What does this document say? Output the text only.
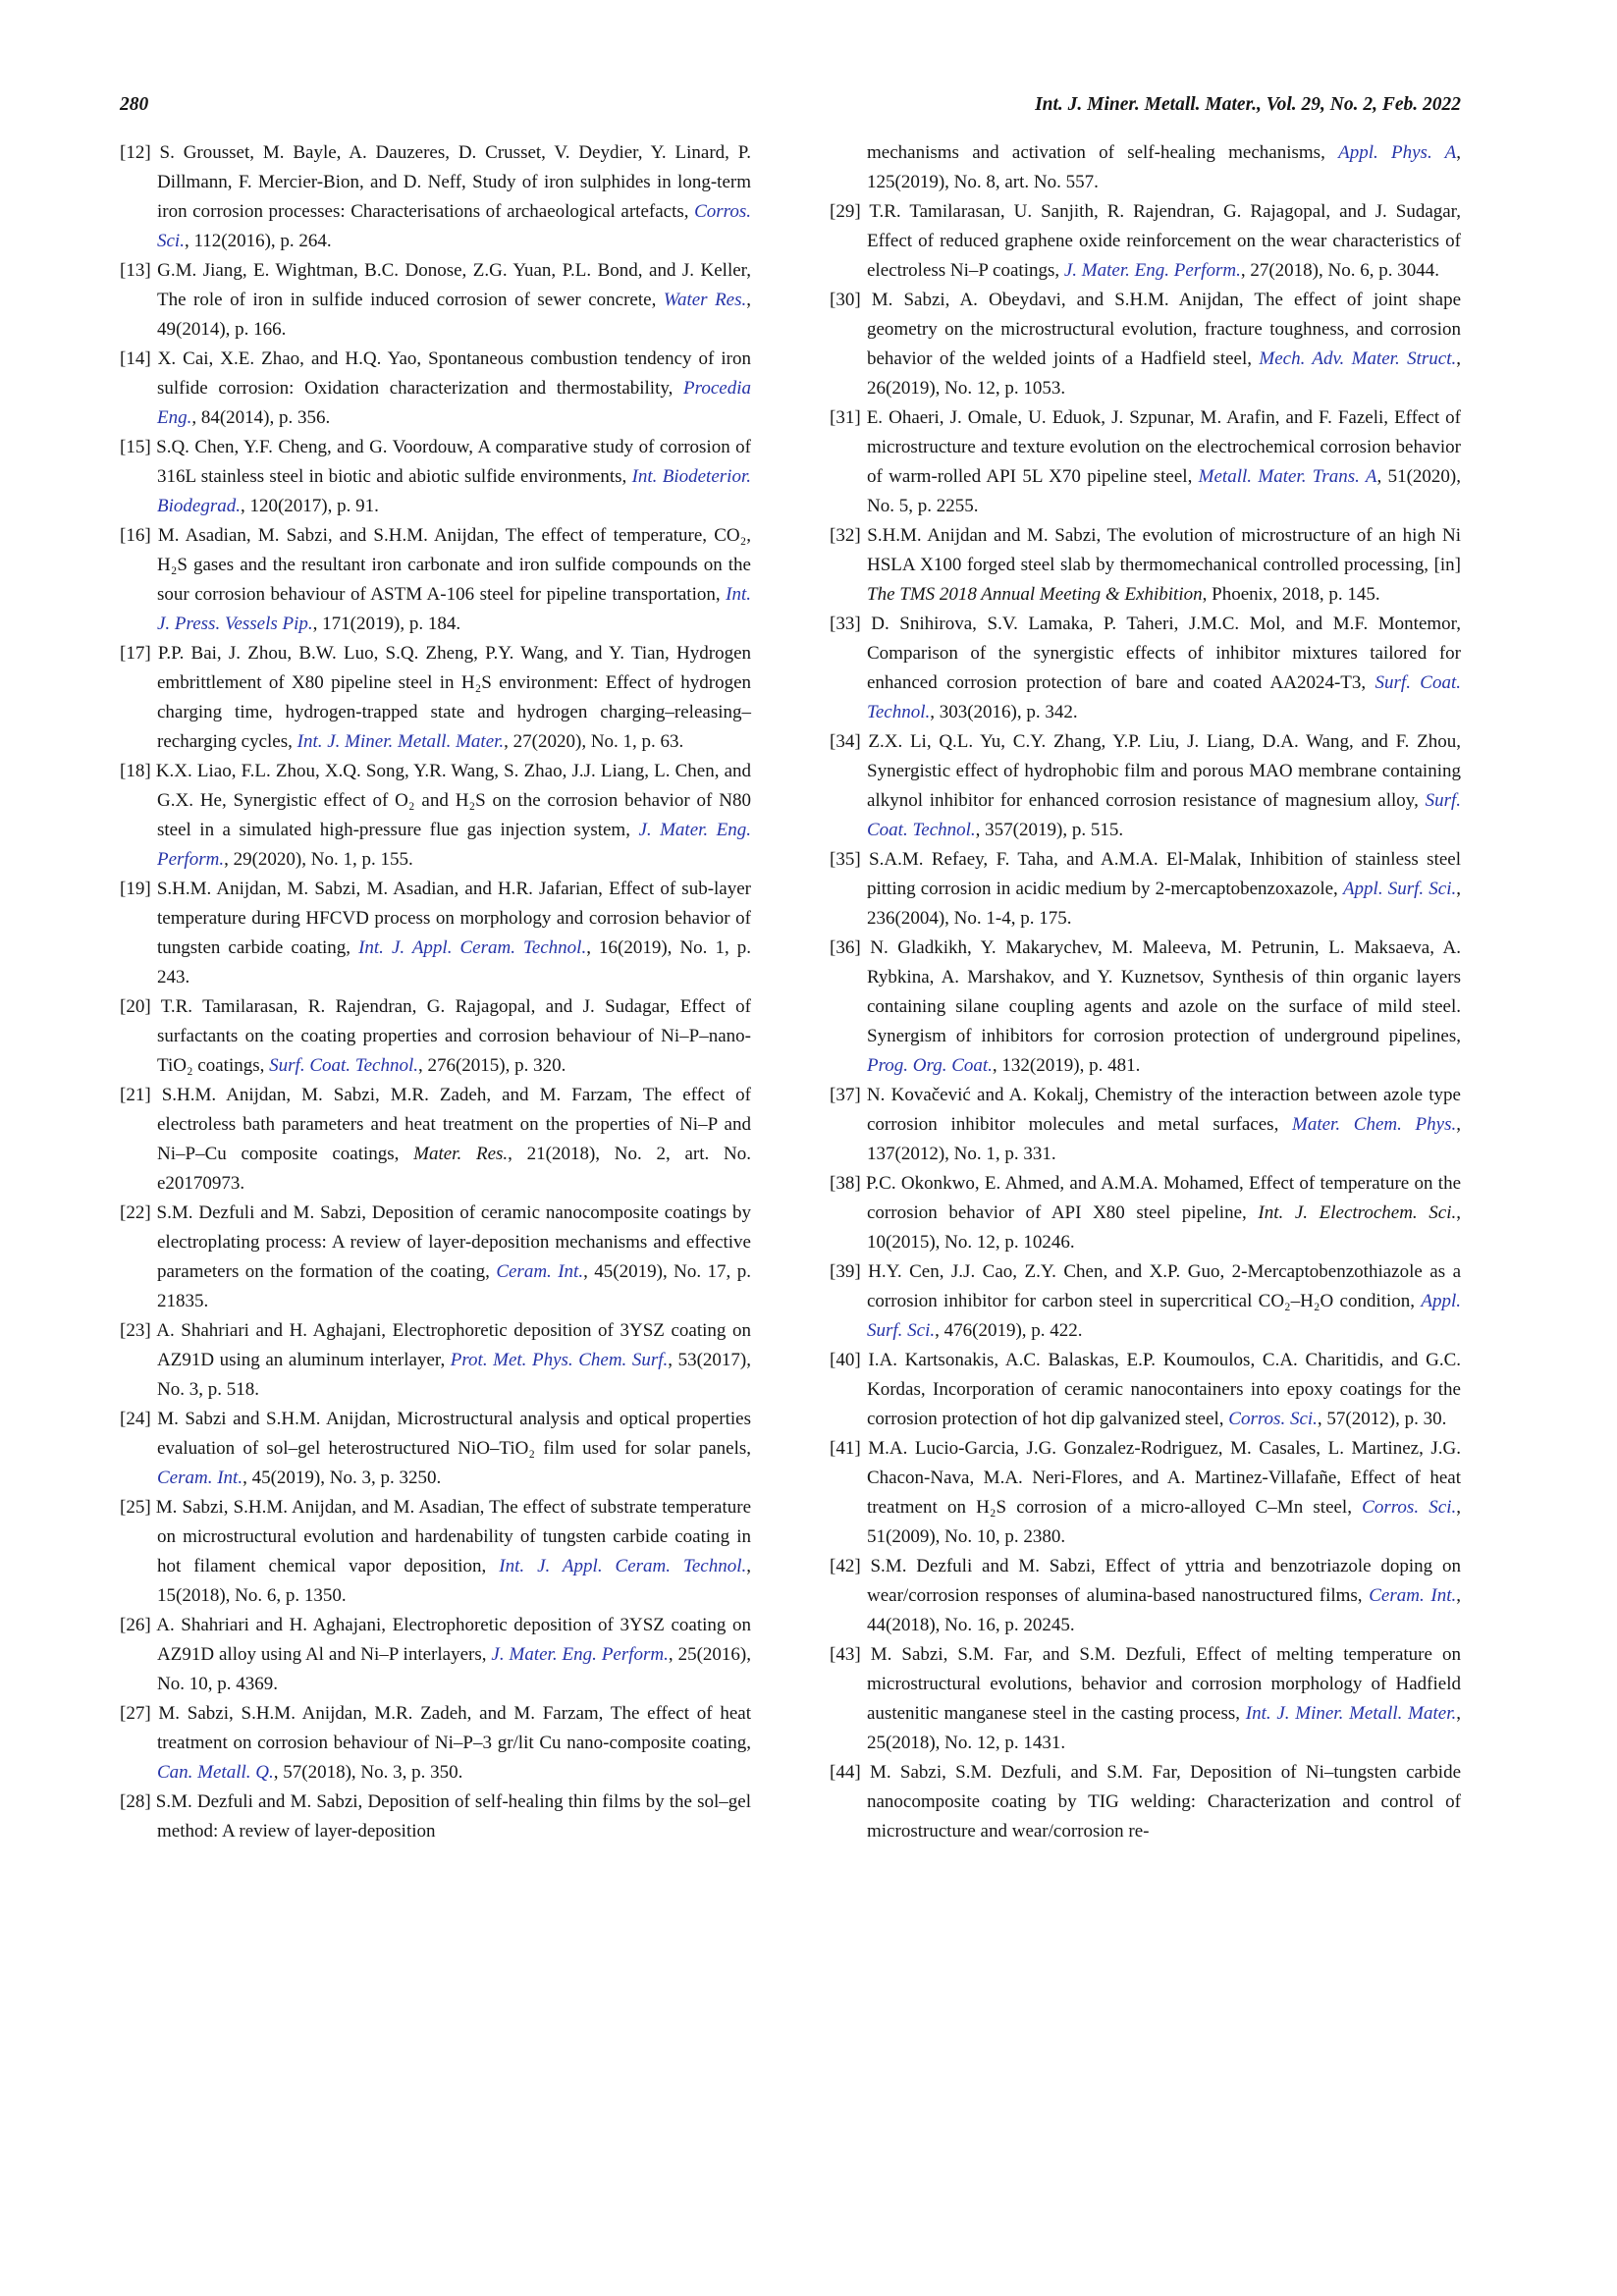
280	Int. J. Miner. Metall. Mater., Vol. 29, No. 2, Feb. 2022
[12] S. Grousset, M. Bayle, A. Dauzeres, D. Crusset, V. Deydier, Y. Linard, P. Dillmann, F. Mercier-Bion, and D. Neff, Study of iron sulphides in long-term iron corrosion processes: Characterisations of archaeological artefacts, Corros. Sci., 112(2016), p. 264.
[13] G.M. Jiang, E. Wightman, B.C. Donose, Z.G. Yuan, P.L. Bond, and J. Keller, The role of iron in sulfide induced corrosion of sewer concrete, Water Res., 49(2014), p. 166.
[14] X. Cai, X.E. Zhao, and H.Q. Yao, Spontaneous combustion tendency of iron sulfide corrosion: Oxidation characterization and thermostability, Procedia Eng., 84(2014), p. 356.
[15] S.Q. Chen, Y.F. Cheng, and G. Voordouw, A comparative study of corrosion of 316L stainless steel in biotic and abiotic sulfide environments, Int. Biodeterior. Biodegrad., 120(2017), p. 91.
[16] M. Asadian, M. Sabzi, and S.H.M. Anijdan, The effect of temperature, CO₂, H₂S gases and the resultant iron carbonate and iron sulfide compounds on the sour corrosion behaviour of ASTM A-106 steel for pipeline transportation, Int. J. Press. Vessels Pip., 171(2019), p. 184.
[17] P.P. Bai, J. Zhou, B.W. Luo, S.Q. Zheng, P.Y. Wang, and Y. Tian, Hydrogen embrittlement of X80 pipeline steel in H₂S environment: Effect of hydrogen charging time, hydrogen-trapped state and hydrogen charging–releasing–recharging cycles, Int. J. Miner. Metall. Mater., 27(2020), No. 1, p. 63.
[18] K.X. Liao, F.L. Zhou, X.Q. Song, Y.R. Wang, S. Zhao, J.J. Liang, L. Chen, and G.X. He, Synergistic effect of O₂ and H₂S on the corrosion behavior of N80 steel in a simulated high-pressure flue gas injection system, J. Mater. Eng. Perform., 29(2020), No. 1, p. 155.
[19] S.H.M. Anijdan, M. Sabzi, M. Asadian, and H.R. Jafarian, Effect of sub-layer temperature during HFCVD process on morphology and corrosion behavior of tungsten carbide coating, Int. J. Appl. Ceram. Technol., 16(2019), No. 1, p. 243.
[20] T.R. Tamilarasan, R. Rajendran, G. Rajagopal, and J. Sudagar, Effect of surfactants on the coating properties and corrosion behaviour of Ni–P–nano-TiO₂ coatings, Surf. Coat. Technol., 276(2015), p. 320.
[21] S.H.M. Anijdan, M. Sabzi, M.R. Zadeh, and M. Farzam, The effect of electroless bath parameters and heat treatment on the properties of Ni–P and Ni–P–Cu composite coatings, Mater. Res., 21(2018), No. 2, art. No. e20170973.
[22] S.M. Dezfuli and M. Sabzi, Deposition of ceramic nanocomposite coatings by electroplating process: A review of layer-deposition mechanisms and effective parameters on the formation of the coating, Ceram. Int., 45(2019), No. 17, p. 21835.
[23] A. Shahriari and H. Aghajani, Electrophoretic deposition of 3YSZ coating on AZ91D using an aluminum interlayer, Prot. Met. Phys. Chem. Surf., 53(2017), No. 3, p. 518.
[24] M. Sabzi and S.H.M. Anijdan, Microstructural analysis and optical properties evaluation of sol–gel heterostructured NiO–TiO₂ film used for solar panels, Ceram. Int., 45(2019), No. 3, p. 3250.
[25] M. Sabzi, S.H.M. Anijdan, and M. Asadian, The effect of substrate temperature on microstructural evolution and hardenability of tungsten carbide coating in hot filament chemical vapor deposition, Int. J. Appl. Ceram. Technol., 15(2018), No. 6, p. 1350.
[26] A. Shahriari and H. Aghajani, Electrophoretic deposition of 3YSZ coating on AZ91D alloy using Al and Ni–P interlayers, J. Mater. Eng. Perform., 25(2016), No. 10, p. 4369.
[27] M. Sabzi, S.H.M. Anijdan, M.R. Zadeh, and M. Farzam, The effect of heat treatment on corrosion behaviour of Ni–P–3 gr/lit Cu nano-composite coating, Can. Metall. Q., 57(2018), No. 3, p. 350.
[28] S.M. Dezfuli and M. Sabzi, Deposition of self-healing thin films by the sol–gel method: A review of layer-deposition
mechanisms and activation of self-healing mechanisms, Appl. Phys. A, 125(2019), No. 8, art. No. 557.
[29] T.R. Tamilarasan, U. Sanjith, R. Rajendran, G. Rajagopal, and J. Sudagar, Effect of reduced graphene oxide reinforcement on the wear characteristics of electroless Ni–P coatings, J. Mater. Eng. Perform., 27(2018), No. 6, p. 3044.
[30] M. Sabzi, A. Obeydavi, and S.H.M. Anijdan, The effect of joint shape geometry on the microstructural evolution, fracture toughness, and corrosion behavior of the welded joints of a Hadfield steel, Mech. Adv. Mater. Struct., 26(2019), No. 12, p. 1053.
[31] E. Ohaeri, J. Omale, U. Eduok, J. Szpunar, M. Arafin, and F. Fazeli, Effect of microstructure and texture evolution on the electrochemical corrosion behavior of warm-rolled API 5L X70 pipeline steel, Metall. Mater. Trans. A, 51(2020), No. 5, p. 2255.
[32] S.H.M. Anijdan and M. Sabzi, The evolution of microstructure of an high Ni HSLA X100 forged steel slab by thermomechanical controlled processing, [in] The TMS 2018 Annual Meeting & Exhibition, Phoenix, 2018, p. 145.
[33] D. Snihirova, S.V. Lamaka, P. Taheri, J.M.C. Mol, and M.F. Montemor, Comparison of the synergistic effects of inhibitor mixtures tailored for enhanced corrosion protection of bare and coated AA2024-T3, Surf. Coat. Technol., 303(2016), p. 342.
[34] Z.X. Li, Q.L. Yu, C.Y. Zhang, Y.P. Liu, J. Liang, D.A. Wang, and F. Zhou, Synergistic effect of hydrophobic film and porous MAO membrane containing alkynol inhibitor for enhanced corrosion resistance of magnesium alloy, Surf. Coat. Technol., 357(2019), p. 515.
[35] S.A.M. Refaey, F. Taha, and A.M.A. El-Malak, Inhibition of stainless steel pitting corrosion in acidic medium by 2-mercaptobenzoxazole, Appl. Surf. Sci., 236(2004), No. 1-4, p. 175.
[36] N. Gladkikh, Y. Makarychev, M. Maleeva, M. Petrunin, L. Maksaeva, A. Rybkina, A. Marshakov, and Y. Kuznetsov, Synthesis of thin organic layers containing silane coupling agents and azole on the surface of mild steel. Synergism of inhibitors for corrosion protection of underground pipelines, Prog. Org. Coat., 132(2019), p. 481.
[37] N. Kovačević and A. Kokalj, Chemistry of the interaction between azole type corrosion inhibitor molecules and metal surfaces, Mater. Chem. Phys., 137(2012), No. 1, p. 331.
[38] P.C. Okonkwo, E. Ahmed, and A.M.A. Mohamed, Effect of temperature on the corrosion behavior of API X80 steel pipeline, Int. J. Electrochem. Sci., 10(2015), No. 12, p. 10246.
[39] H.Y. Cen, J.J. Cao, Z.Y. Chen, and X.P. Guo, 2-Mercaptobenzothiazole as a corrosion inhibitor for carbon steel in supercritical CO₂–H₂O condition, Appl. Surf. Sci., 476(2019), p. 422.
[40] I.A. Kartsonakis, A.C. Balaskas, E.P. Koumoulos, C.A. Charitidis, and G.C. Kordas, Incorporation of ceramic nanocontainers into epoxy coatings for the corrosion protection of hot dip galvanized steel, Corros. Sci., 57(2012), p. 30.
[41] M.A. Lucio-Garcia, J.G. Gonzalez-Rodriguez, M. Casales, L. Martinez, J.G. Chacon-Nava, M.A. Neri-Flores, and A. Martinez-Villafañe, Effect of heat treatment on H₂S corrosion of a micro-alloyed C–Mn steel, Corros. Sci., 51(2009), No. 10, p. 2380.
[42] S.M. Dezfuli and M. Sabzi, Effect of yttria and benzotriazole doping on wear/corrosion responses of alumina-based nanostructured films, Ceram. Int., 44(2018), No. 16, p. 20245.
[43] M. Sabzi, S.M. Far, and S.M. Dezfuli, Effect of melting temperature on microstructural evolutions, behavior and corrosion morphology of Hadfield austenitic manganese steel in the casting process, Int. J. Miner. Metall. Mater., 25(2018), No. 12, p. 1431.
[44] M. Sabzi, S.M. Dezfuli, and S.M. Far, Deposition of Ni–tungsten carbide nanocomposite coating by TIG welding: Characterization and control of microstructure and wear/corrosion re-
